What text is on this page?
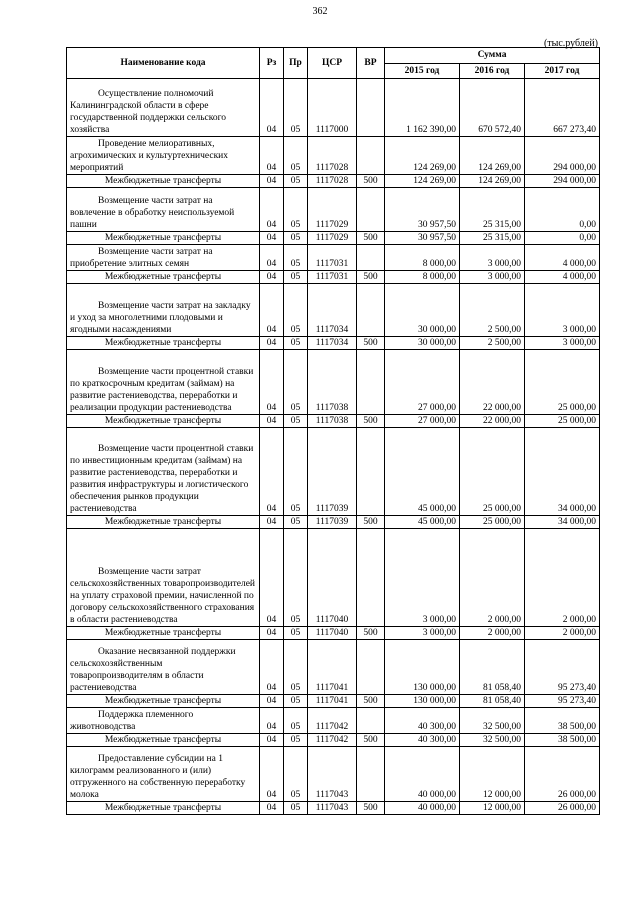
362
(тыс.рублей)
Наименование кода	Рз	Пр	ЦСР	ВР	Сумма		
					2015 год	2016 год	2017 год

Осуществление полномочий Калининградской области в сфере государственной поддержки сельского хозяйства	04	05	1117000		1 162 390,00	670 572,40	667 273,40

Проведение мелиоративных, агрохимических и культуртехнических мероприятий	04	05	1117028		124 269,00	124 269,00	294 000,00
Межбюджетные трансферты	04	05	1117028	500	124 269,00	124 269,00	294 000,00

Возмещение части затрат на вовлечение в обработку неиспользуемой пашни	04	05	1117029		30 957,50	25 315,00	0,00
Межбюджетные трансферты	04	05	1117029	500	30 957,50	25 315,00	0,00

Возмещение части затрат на приобретение элитных семян	04	05	1117031		8 000,00	3 000,00	4 000,00
Межбюджетные трансферты	04	05	1117031	500	8 000,00	3 000,00	4 000,00

Возмещение части затрат на закладку и уход за многолетними плодовыми и ягодными насаждениями	04	05	1117034		30 000,00	2 500,00	3 000,00
Межбюджетные трансферты	04	05	1117034	500	30 000,00	2 500,00	3 000,00

Возмещение части процентной ставки по краткосрочным кредитам (займам) на развитие растениеводства, переработки и реализации продукции растениеводства	04	05	1117038		27 000,00	22 000,00	25 000,00
Межбюджетные трансферты	04	05	1117038	500	27 000,00	22 000,00	25 000,00

Возмещение части процентной ставки по инвестиционным кредитам (займам) на развитие растениеводства, переработки и развития инфраструктуры и логистического обеспечения рынков продукции растениеводства	04	05	1117039		45 000,00	25 000,00	34 000,00
Межбюджетные трансферты	04	05	1117039	500	45 000,00	25 000,00	34 000,00

Возмещение части затрат сельскохозяйственных товаропроизводителей на уплату страховой премии, начисленной по договору сельскохозяйственного страхования в области растениеводства	04	05	1117040		3 000,00	2 000,00	2 000,00
Межбюджетные трансферты	04	05	1117040	500	3 000,00	2 000,00	2 000,00

Оказание несвязанной поддержки сельскохозяйственным товаропроизводителям в области растениеводства	04	05	1117041		130 000,00	81 058,40	95 273,40
Межбюджетные трансферты	04	05	1117041	500	130 000,00	81 058,40	95 273,40

Поддержка племенного животноводства	04	05	1117042		40 300,00	32 500,00	38 500,00
Межбюджетные трансферты	04	05	1117042	500	40 300,00	32 500,00	38 500,00

Предоставление субсидии на 1 килограмм реализованного и (или) отгруженного на собственную переработку молока	04	05	1117043		40 000,00	12 000,00	26 000,00
Межбюджетные трансферты	04	05	1117043	500	40 000,00	12 000,00	26 000,00
